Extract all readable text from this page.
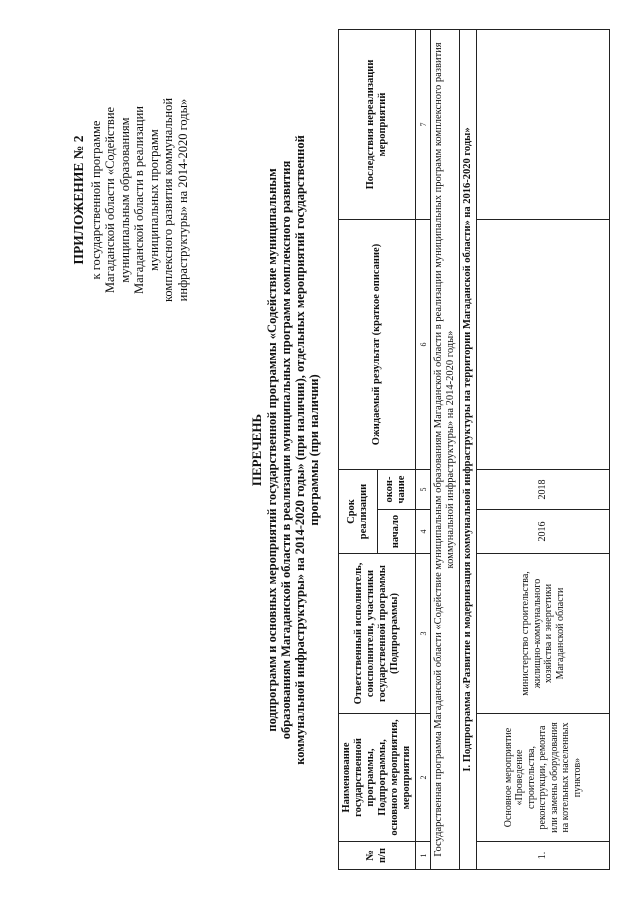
ПРИЛОЖЕНИЕ № 2 к государственной программе Магаданской области «Содействие муниципальным образованиям Магаданской области в реализации муниципальных программ комплексного развития коммунальной инфраструктуры» на 2014-2020 годы»
ПЕРЕЧЕНЬ подпрограмм и основных мероприятий государственной программы «Содействие муниципальным образованиям Магаданской области в реализации муниципальных программ комплексного развития коммунальной инфраструктуры» на 2014-2020 годы» (при наличии), отдельных мероприятий государственной программы (при наличии)
№ п/п	Наименование государственной программы, Подпрограммы, основного мероприятия, мероприятия	Ответственный исполнитель, соисполнители, участники государственной программы (Подпрограммы)	Срок реализации		Ожидаемый результат (краткое описание)	Последствия нереализации мероприятий
			начало	окон-чание		
1	2	3	4	5	6	7
Государственная программа Магаданской области «Содействие муниципальным образованиям Магаданской области в реализации муниципальных программ комплексного развития коммунальной инфраструктуры» на 2014-2020 годы»						
I. Подпрограмма «Развитие и модернизация коммунальной инфраструктуры на территории Магаданской области» на 2016-2020 годы»						
1.	Основное мероприятие «Проведение строительства, реконструкции, ремонта или замены оборудования на котельных населенных пунктов»	министерство строительства, жилищно-коммунального хозяйства и энергетики Магаданской области	2016	2018		
